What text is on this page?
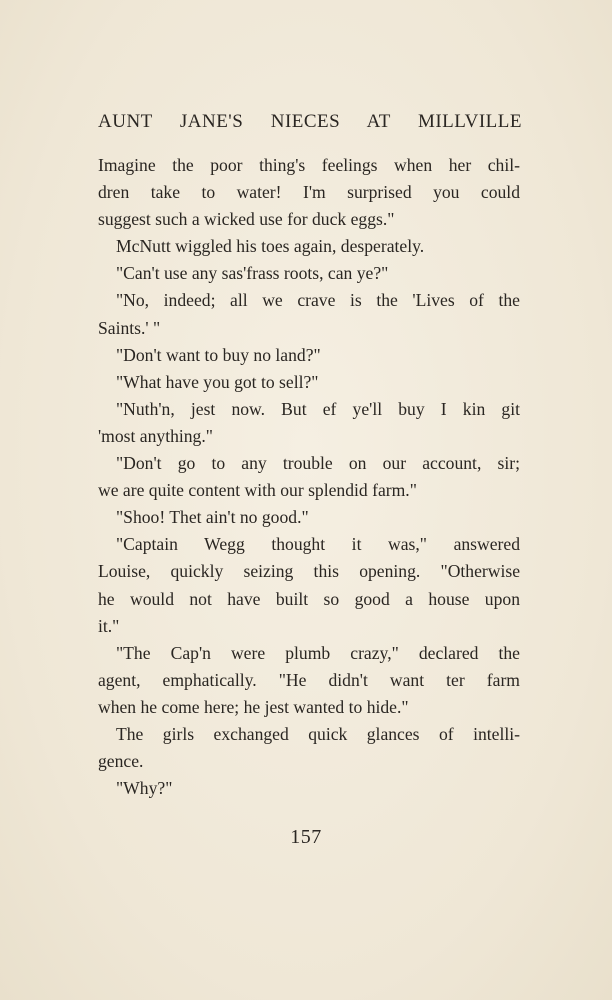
AUNT JANE'S NIECES AT MILLVILLE
Imagine the poor thing's feelings when her chil-
dren take to water! I'm surprised you could
suggest such a wicked use for duck eggs."
McNutt wiggled his toes again, desperately.
"Can't use any sas'frass roots, can ye?"
"No, indeed; all we crave is the 'Lives of the
Saints.' "
"Don't want to buy no land?"
"What have you got to sell?"
"Nuth'n, jest now. But ef ye'll buy I kin git
'most anything."
"Don't go to any trouble on our account, sir;
we are quite content with our splendid farm."
"Shoo! Thet ain't no good."
"Captain Wegg thought it was," answered
Louise, quickly seizing this opening. "Otherwise
he would not have built so good a house upon
it."
"The Cap'n were plumb crazy," declared the
agent, emphatically. "He didn't want ter farm
when he come here; he jest wanted to hide."
The girls exchanged quick glances of intelli-
gence.
"Why?"
157
